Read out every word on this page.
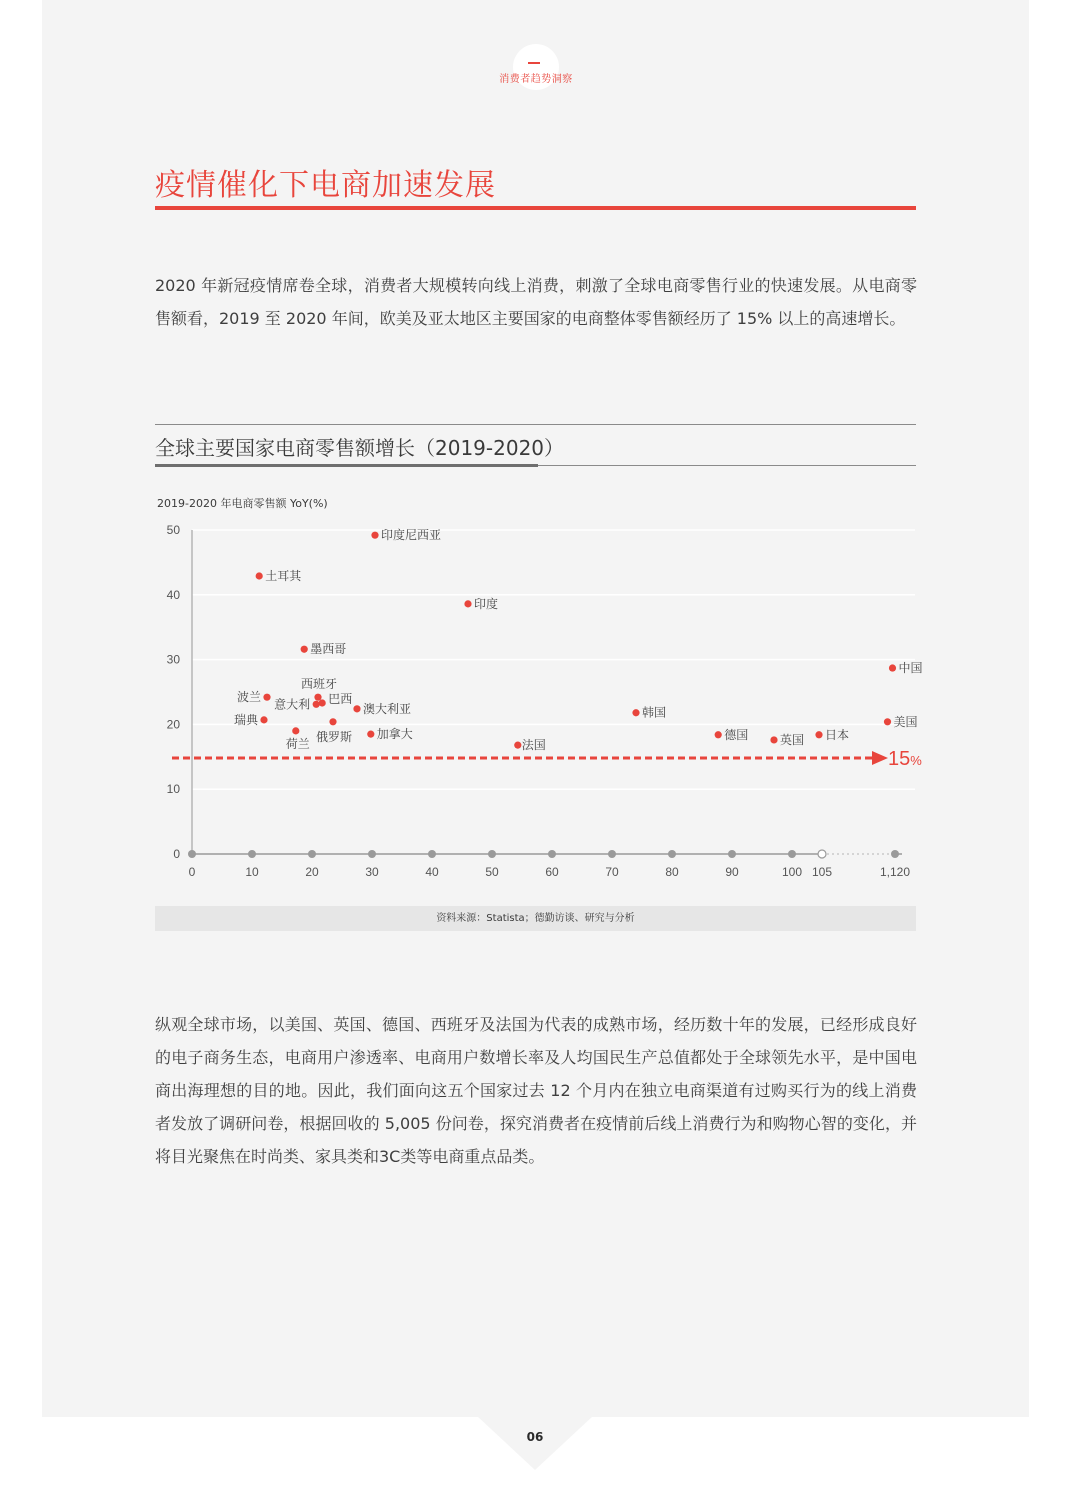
消费者趋势洞察
疫情催化下电商加速发展
2020 年新冠疫情席卷全球，消费者大规模转向线上消费，刺激了全球电商零售行业的快速发展。从电商零售额看，2019 至 2020 年间，欧美及亚太地区主要国家的电商整体零售额经历了 15% 以上的高速增长。
全球主要国家电商零售额增长（2019-2020）
2019-2020 年电商零售额 YoY(%)
0
10
20
30
40
50
0	10	20	30	40	50	60	70	80	90	100 105	1,120
15%
印度尼西亚
土耳其
印度
墨西哥
中国
波兰
西班牙
意大利 巴西
澳大利亚	韩国
瑞典	美国
俄罗斯
荷兰
加拿大	德国	日本
英国
法国
资料来源：Statista；德勤访谈、研究与分析
纵观全球市场，以美国、英国、德国、西班牙及法国为代表的成熟市场，经历数十年的发展，已经形成良好的电子商务生态，电商用户渗透率、电商用户数增长率及人均国民生产总值都处于全球领先水平，是中国电商出海理想的目的地。因此，我们面向这五个国家过去 12 个月内在独立电商渠道有过购买行为的线上消费者发放了调研问卷，根据回收的 5,005 份问卷，探究消费者在疫情前后线上消费行为和购物心智的变化，并将目光聚焦在时尚类、家具类和3C类等电商重点品类。
06
